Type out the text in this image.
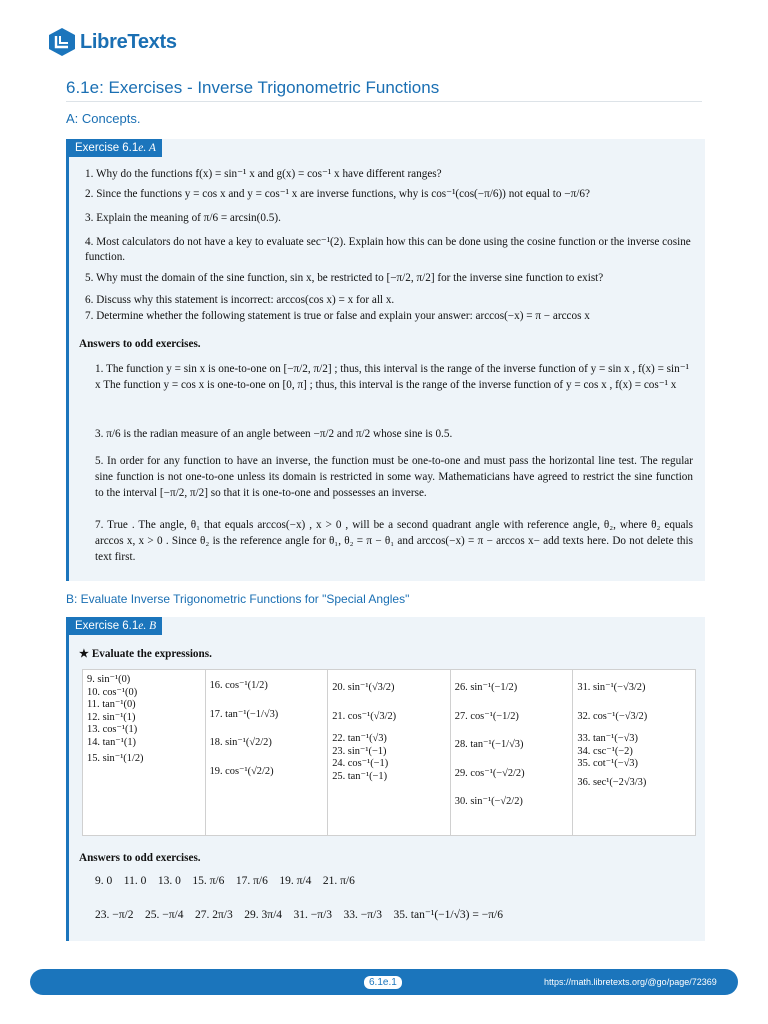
LibreTexts
6.1e: Exercises - Inverse Trigonometric Functions
A: Concepts.
Exercise 6.1e. A
1. Why do the functions f(x) = sin⁻¹ x and g(x) = cos⁻¹ x have different ranges?
2. Since the functions y = cos x and y = cos⁻¹ x are inverse functions, why is cos⁻¹(cos(−π/6)) not equal to −π/6?
3. Explain the meaning of π/6 = arcsin(0.5).
4. Most calculators do not have a key to evaluate sec⁻¹(2). Explain how this can be done using the cosine function or the inverse cosine function.
5. Why must the domain of the sine function, sin x, be restricted to [−π/2, π/2] for the inverse sine function to exist?
6. Discuss why this statement is incorrect: arccos(cos x) = x for all x.
7. Determine whether the following statement is true or false and explain your answer: arccos(−x) = π − arccos x
Answers to odd exercises.
1. The function y = sin x is one-to-one on [−π/2, π/2] ; thus, this interval is the range of the inverse function of y = sin x , f(x) = sin⁻¹ x The function y = cos x is one-to-one on [0, π] ; thus, this interval is the range of the inverse function of y = cos x , f(x) = cos⁻¹ x
3. π/6 is the radian measure of an angle between −π/2 and π/2 whose sine is 0.5.
5. In order for any function to have an inverse, the function must be one-to-one and must pass the horizontal line test. The regular sine function is not one-to-one unless its domain is restricted in some way. Mathematicians have agreed to restrict the sine function to the interval [−π/2, π/2] so that it is one-to-one and possesses an inverse.
7. True . The angle, θ₁ that equals arccos(−x) , x > 0 , will be a second quadrant angle with reference angle, θ₂, where θ₂ equals arccos x, x > 0 . Since θ₂ is the reference angle for θ₁, θ₂ = π − θ₁ and arccos(−x) = π − arccos x− add texts here. Do not delete this text first.
B: Evaluate Inverse Trigonometric Functions for "Special Angles"
Exercise 6.1e. B
★ Evaluate the expressions.
9. sin⁻¹(0)
10. cos⁻¹(0)
11. tan⁻¹(0)
12. sin⁻¹(1)
13. cos⁻¹(1)
14. tan⁻¹(1)
15. sin⁻¹(1/2)
16. cos⁻¹(1/2)
17. tan⁻¹(−1/√3)
18. sin⁻¹(√2/2)
19. cos⁻¹(√2/2)
20. sin⁻¹(√3/2)
21. cos⁻¹(√3/2)
22. tan⁻¹(√3)
23. sin⁻¹(−1)
24. cos⁻¹(−1)
25. tan⁻¹(−1)
26. sin⁻¹(−1/2)
27. cos⁻¹(−1/2)
28. tan⁻¹(−1/√3)
29. cos⁻¹(−√2/2)
30. sin⁻¹(−√2/2)
31. sin⁻¹(−√3/2)
32. cos⁻¹(−√3/2)
33. tan⁻¹(−√3)
34. csc⁻¹(−2)
35. cot⁻¹(−√3)
36. sec¹(−2√3/3)
Answers to odd exercises.
9. 0 11. 0 13. 0 15. π/6 17. π/6 19. π/4 21. π/6
23. −π/2 25. −π/4 27. 2π/3 29. 3π/4 31. −π/3 33. −π/3 35. tan⁻¹(−1/√3) = −π/6
6.1e.1	https://math.libretexts.org/@go/page/72369
